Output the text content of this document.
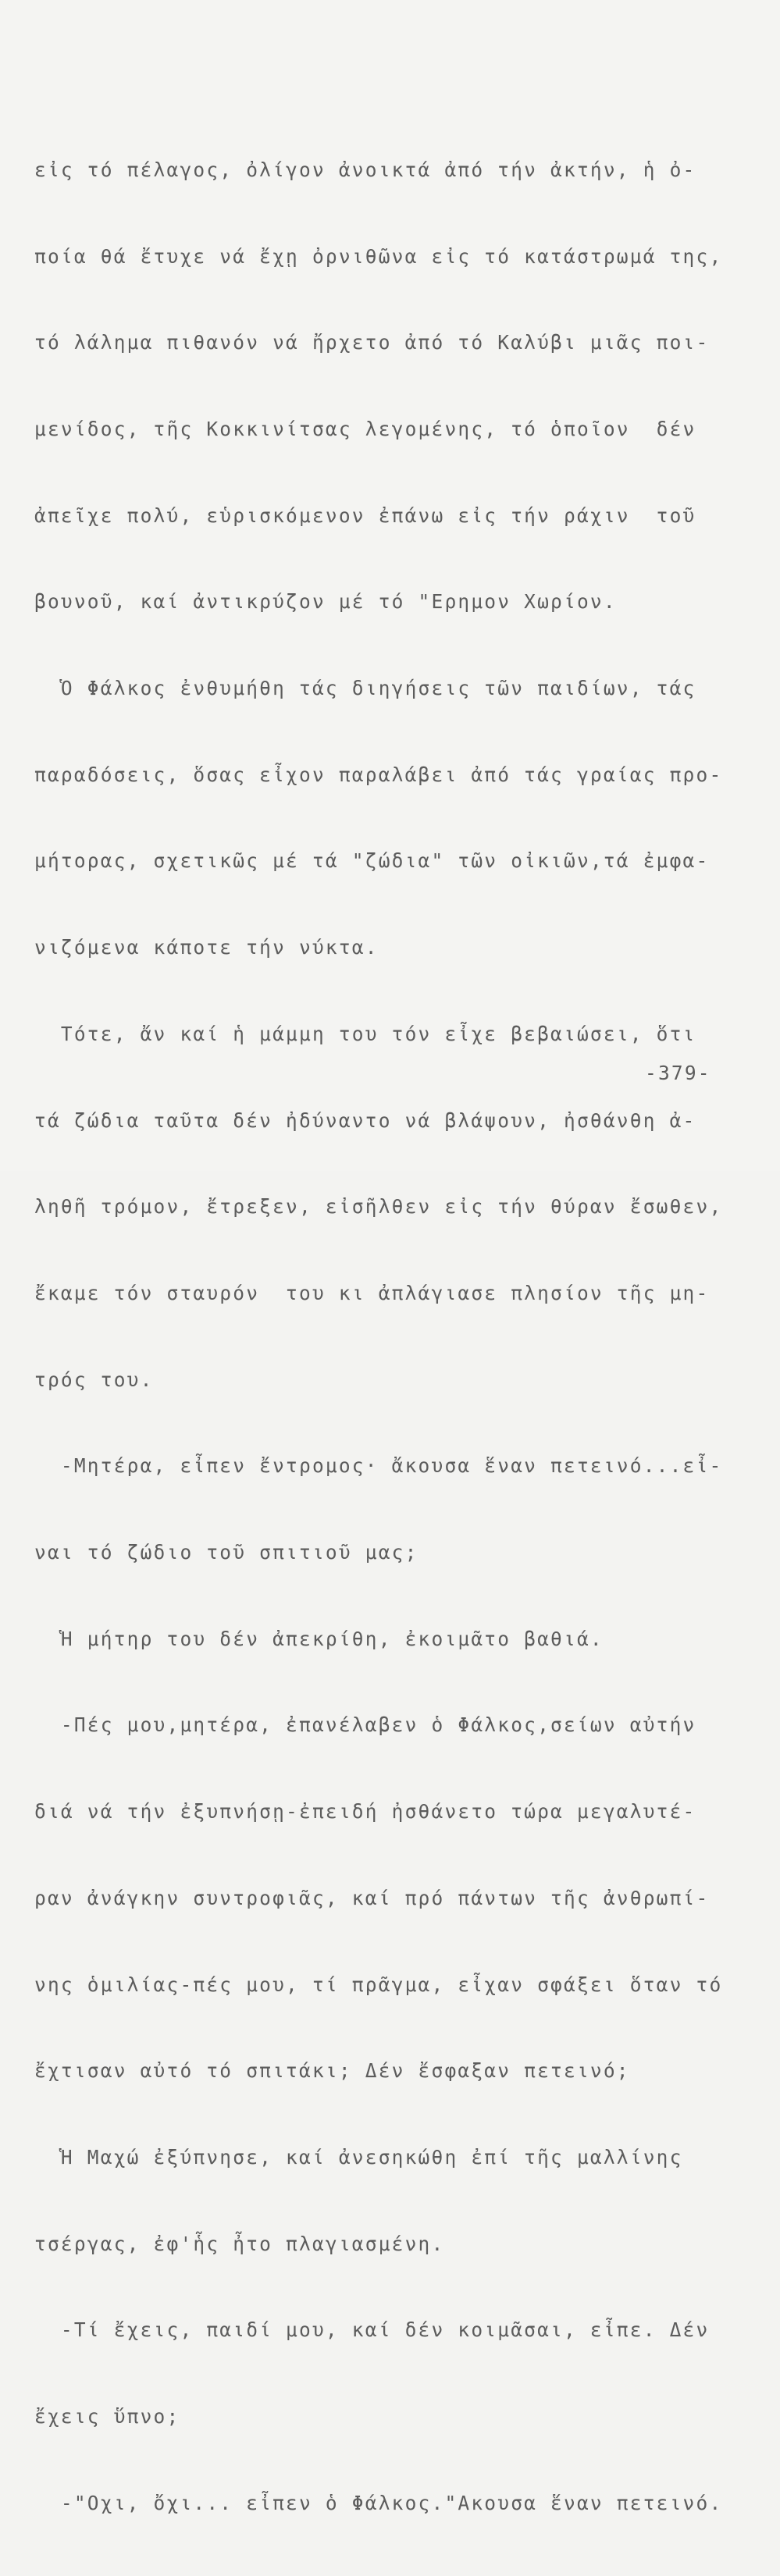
εἰς τό πέλαγος, ὀλίγον ἀνοικτά ἀπό τήν ἀκτήν, ἡ ὀ-

ποία θά ἔτυχε νά ἔχῃ ὀρνιθῶνα εἰς τό κατάστρωμά της,

τό λάλημα πιθανόν νά ἤρχετο ἀπό τό Καλύβι μιᾶς ποι-

μενίδος, τῆς Κοκκινίτσας λεγομένης, τό ὁποῖον  δέν

ἀπεῖχε πολύ, εὑρισκόμενον ἐπάνω εἰς τήν ράχιν  τοῦ

βουνοῦ, καί ἀντικρύζον μέ τό "Ερημον Χωρίον.

Ὁ Φάλκος ἐνθυμήθη τάς διηγήσεις τῶν παιδίων, τάς

παραδόσεις, ὅσας εἶχον παραλάβει ἀπό τάς γραίας προ-

μήτορας, σχετικῶς μέ τά "ζώδια" τῶν οἰκιῶν,τά ἐμφα-

νιζόμενα κάποτε τήν νύκτα.

Τότε, ἄν καί ἡ μάμμη του τόν εἶχε βεβαιώσει, ὅτι

τά ζώδια ταῦτα δέν ἠδύναντο νά βλάψουν, ἠσθάνθη ἀ-

ληθῆ τρόμον, ἔτρεξεν, εἰσῆλθεν εἰς τήν θύραν ἔσωθεν,

ἔκαμε τόν σταυρόν  του κι ἀπλάγιασε πλησίον τῆς μη-

τρός του.

-Μητέρα, εἶπεν ἔντρομος· ἄκουσα ἕναν πετεινό...εἶ-

ναι τό ζώδιο τοῦ σπιτιοῦ μας;

Ἡ μήτηρ του δέν ἀπεκρίθη, ἐκοιμᾶτο βαθιά.

-Πές μου,μητέρα, ἐπανέλαβεν ὁ Φάλκος,σείων αὐτήν

διά νά τήν ἐξυπνήσῃ-ἐπειδή ἠσθάνετο τώρα μεγαλυτέ-

ραν ἀνάγκην συντροφιᾶς, καί πρό πάντων τῆς ἀνθρωπί-

νης ὁμιλίας-πές μου, τί πρᾶγμα, εἶχαν σφάξει ὅταν τό

ἔχτισαν αὐτό τό σπιτάκι; Δέν ἔσφαξαν πετεινό;

Ἡ Μαχώ ἐξύπνησε, καί ἀνεσηκώθη ἐπί τῆς μαλλίνης

τσέργας, ἐφ'ἧς ἦτο πλαγιασμένη.

-Τί ἔχεις, παιδί μου, καί δέν κοιμᾶσαι, εἶπε. Δέν

ἔχεις ὕπνο;

-"Οχι, ὄχι... εἶπεν ὁ Φάλκος."Ακουσα ἕναν πετεινό.

-379-
